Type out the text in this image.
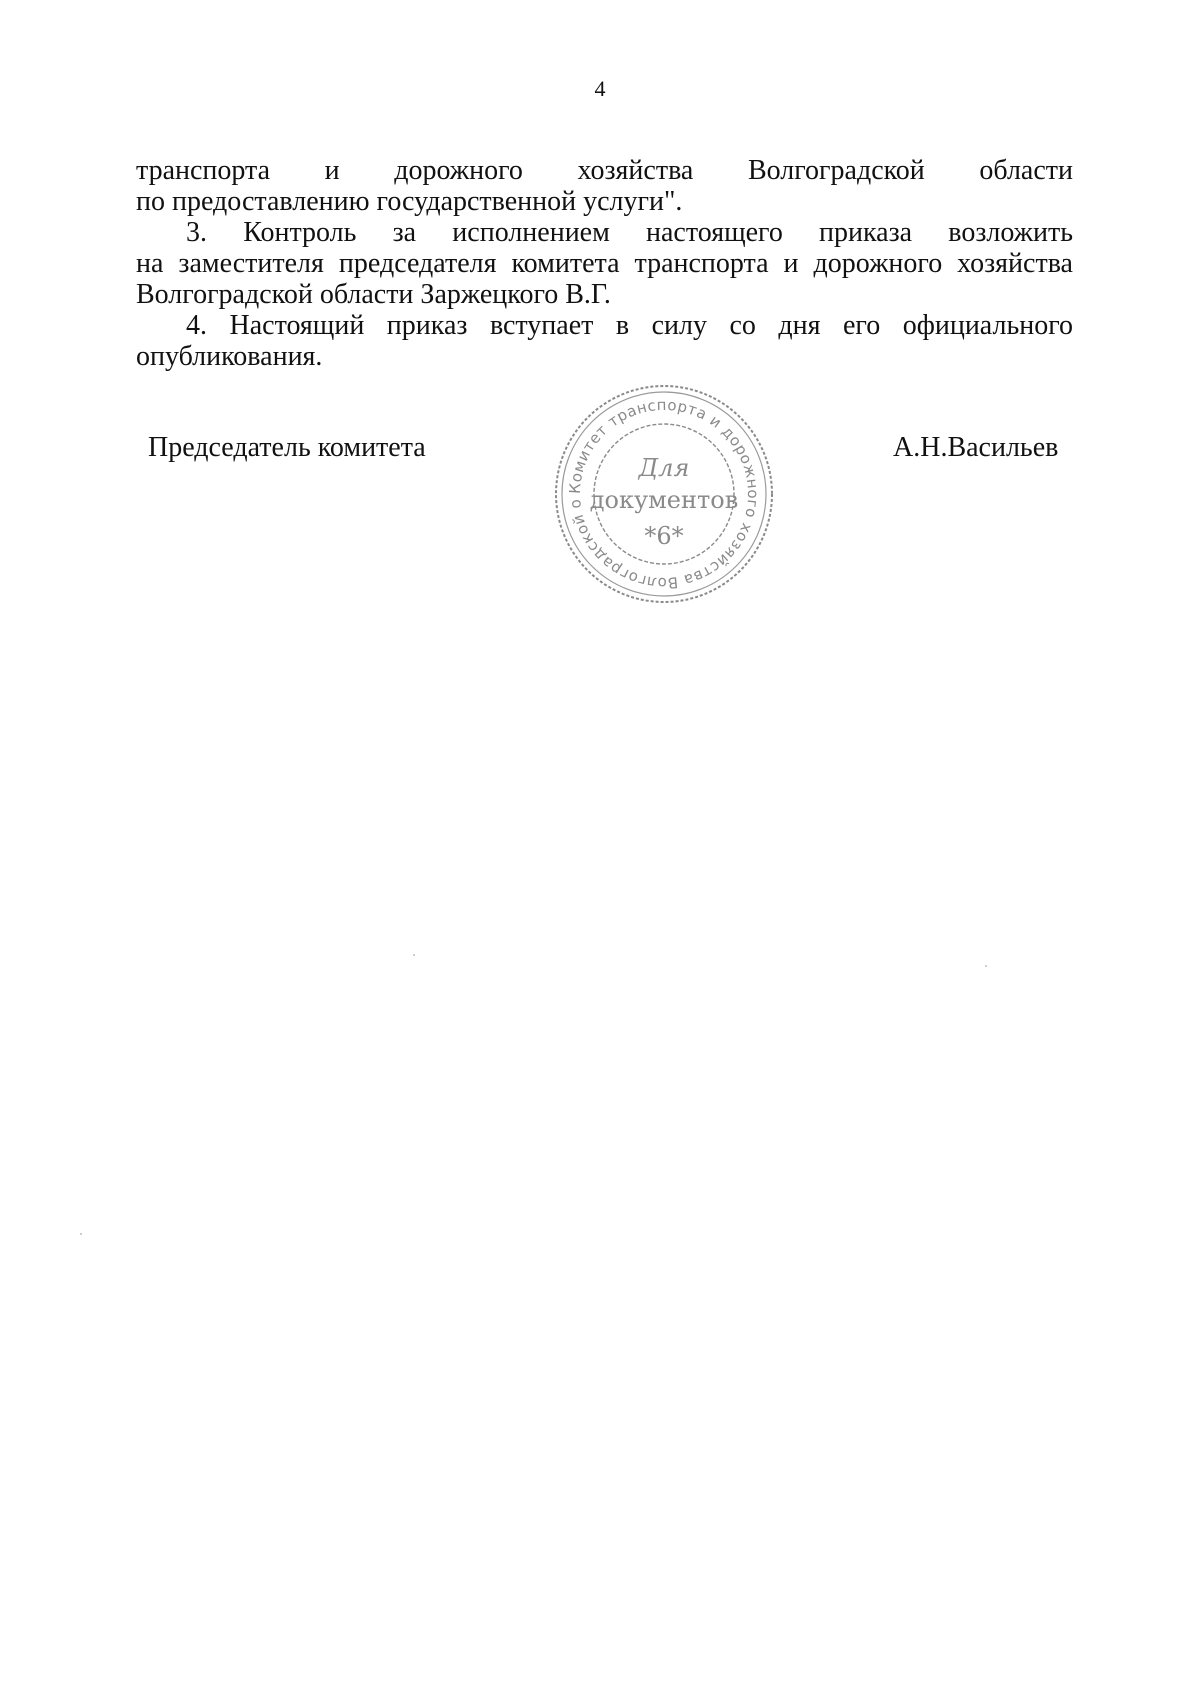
4
транспорта и дорожного хозяйства Волгоградской области
по предоставлению государственной услуги".
3. Контроль за исполнением настоящего приказа возложить
на заместителя председателя комитета транспорта и дорожного хозяйства
Волгоградской области Заржецкого В.Г.
4. Настоящий приказ вступает в силу со дня его официального
опубликования.
Председатель комитета
Комитет транспорта и дорожного хозяйства Волгоградской о
Для
документов
*6*
А.Н.Васильев
